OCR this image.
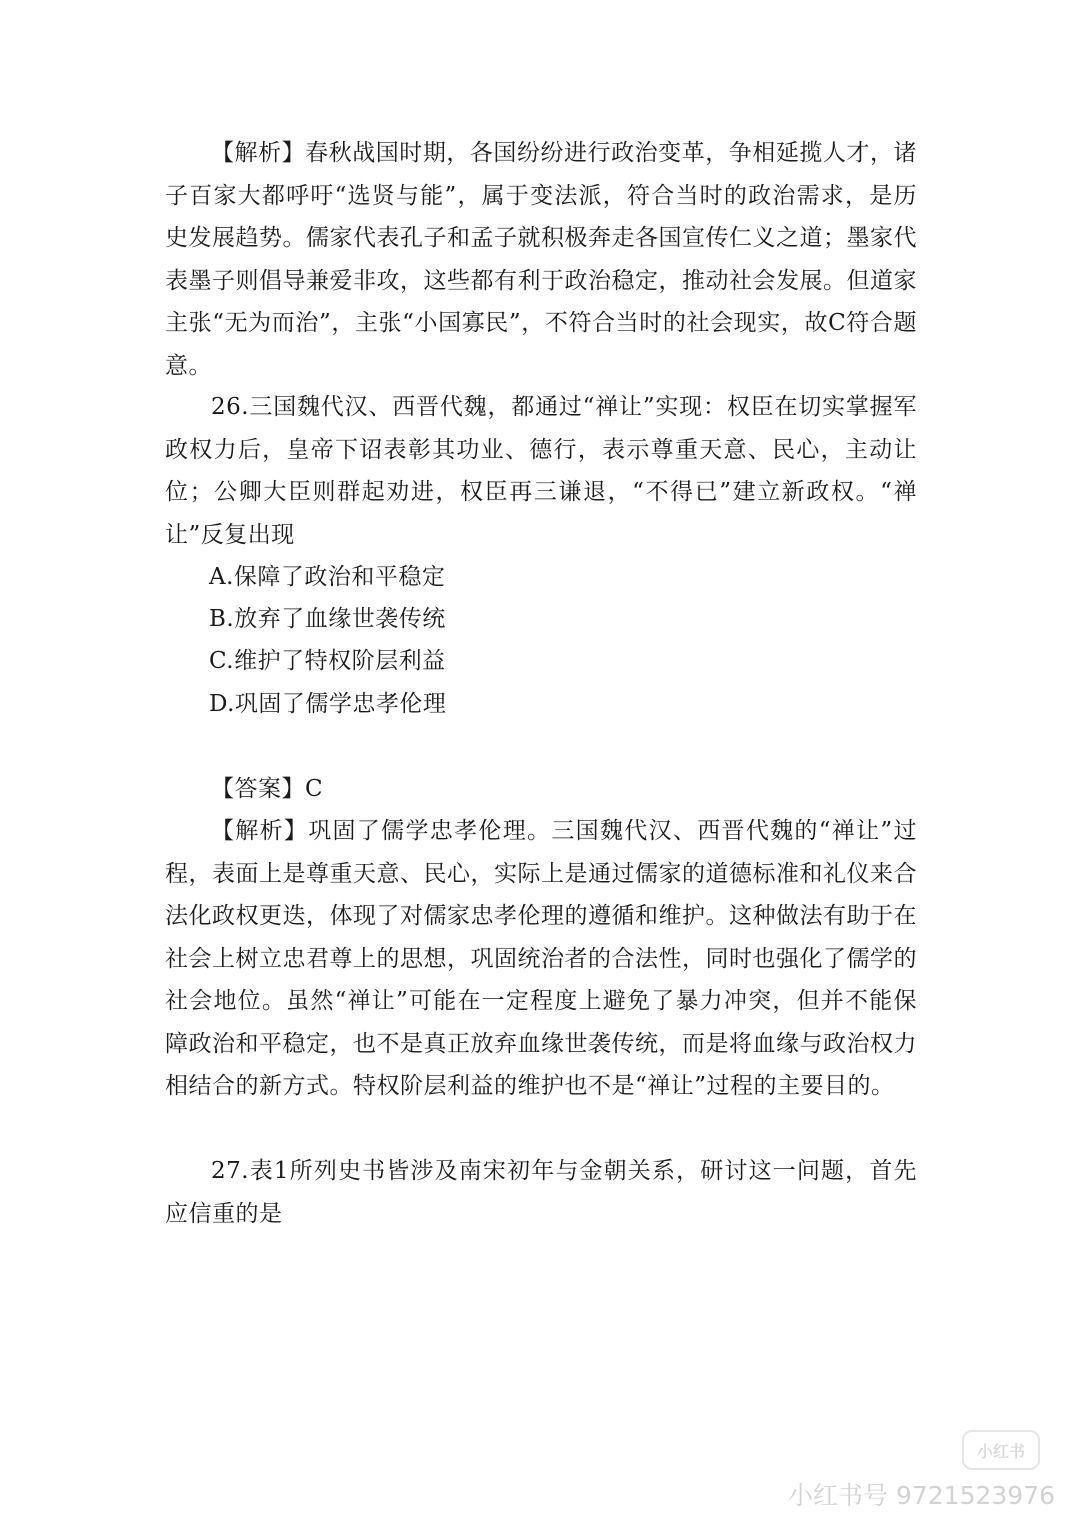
【解析】春秋战国时期，各国纷纷进行政治变革，争相延揽人才，诸子百家大都呼吁“选贤与能”，属于变法派，符合当时的政治需求，是历史发展趋势。儒家代表孔子和孟子就积极奔走各国宣传仁义之道；墨家代表墨子则倡导兼爱非攻，这些都有利于政治稳定，推动社会发展。但道家主张“无为而治”，主张“小国寡民”，不符合当时的社会现实，故C符合题意。
26.三国魏代汉、西晋代魏，都通过“禅让”实现：权臣在切实掌握军政权力后，皇帝下诏表彰其功业、德行，表示尊重天意、民心，主动让位；公卿大臣则群起劝进，权臣再三谦退，“不得已”建立新政权。“禅让”反复出现
A.保障了政治和平稳定
B.放弃了血缘世袭传统
C.维护了特权阶层利益
D.巩固了儒学忠孝伦理
【答案】C
【解析】巩固了儒学忠孝伦理。三国魏代汉、西晋代魏的“禅让”过程，表面上是尊重天意、民心，实际上是通过儒家的道德标准和礼仪来合法化政权更迭，体现了对儒家忠孝伦理的遵循和维护。这种做法有助于在社会上树立忠君尊上的思想，巩固统治者的合法性，同时也强化了儒学的社会地位。虽然“禅让”可能在一定程度上避免了暴力冲突，但并不能保障政治和平稳定，也不是真正放弃血缘世袭传统，而是将血缘与政治权力相结合的新方式。特权阶层利益的维护也不是“禅让”过程的主要目的。
27.表1所列史书皆涉及南宋初年与金朝关系，研讨这一问题，首先应信重的是
小红书
小红书号 9721523976
